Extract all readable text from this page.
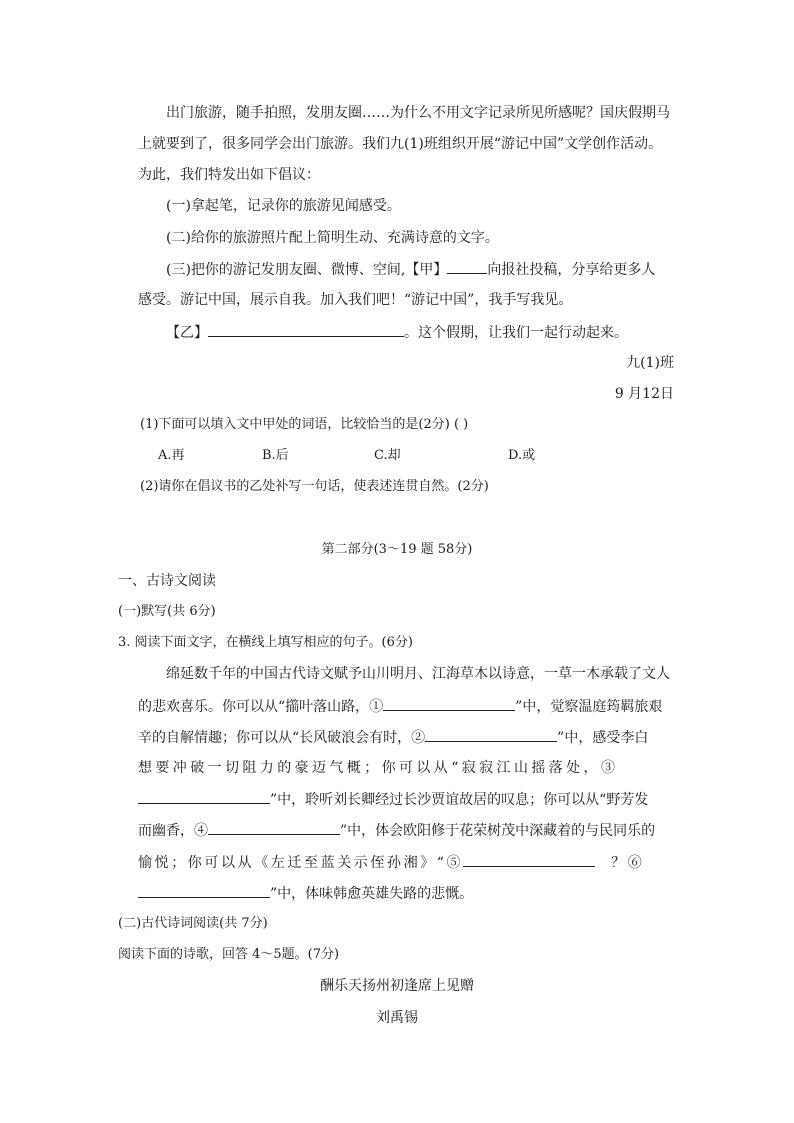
出门旅游，随手拍照，发朋友圈……为什么不用文字记录所见所感呢？国庆假期马
上就要到了，很多同学会出门旅游。我们九(1)班组织开展“游记中国”文学创作活动。
为此，我们特发出如下倡议：
(一)拿起笔，记录你的旅游见闻感受。
(二)给你的旅游照片配上简明生动、充满诗意的文字。
(三)把你的游记发朋友圈、微博、空间,【甲】	向报社投稿，分享给更多人
感受。游记中国，展示自我。加入我们吧！“游记中国”，我手写我见。
【乙】	。这个假期，让我们一起行动起来。
九(1)班
9 月12日
(1)下面可以填入文中甲处的词语，比较恰当的是(2分) ( )
A.再	B.后	C.却	D.或
(2)请你在倡议书的乙处补写一句话，使表述连贯自然。(2分)
第二部分(3～19 题 58分)
一、古诗文阅读
(一)默写(共 6分)
3. 阅读下面文字，在横线上填写相应的句子。(6分)
绵延数千年的中国古代诗文赋予山川明月、江海草木以诗意，一草一木承载了文人
的悲欢喜乐。你可以从“擶叶落山路，①	”中，觉察温庭筠羁旅艰
辛的自解情趣；你可以从“长风破浪会有时，②	”中，感受李白
想要冲破一切阻力的豪迈气概；你可以从“寂寂江山摇落处，③
”中，聆听刘长卿经过长沙贾谊故居的叹息；你可以从“野芳发
而幽香，④	”中，体会欧阳修于花荣树茂中深藏着的与民同乐的
愉悦；你可以从《左迁至蓝关示侄孙湘》“⑤	？⑥
”中，体味韩愈英雄失路的悲慨。
(二)古代诗词阅读(共 7分)
阅读下面的诗歌，回答 4～5题。(7分)
酬乐天扬州初逢席上见赠
刘禹锡
